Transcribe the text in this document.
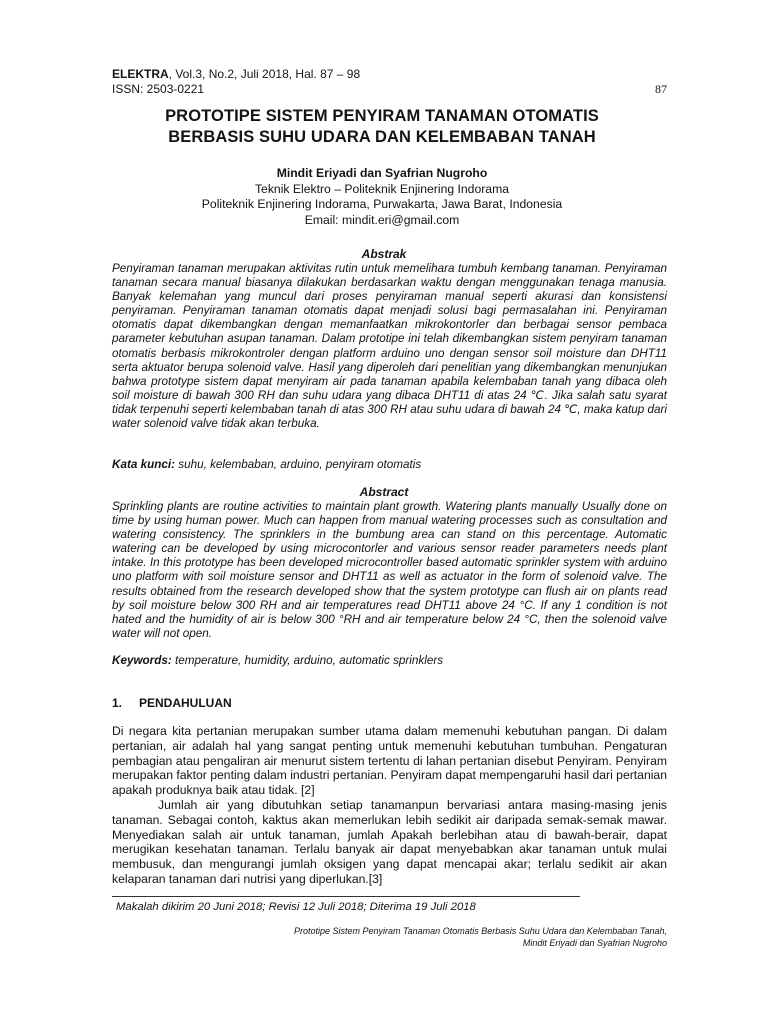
ELEKTRA, Vol.3, No.2, Juli 2018, Hal. 87 – 98
ISSN: 2503-0221	87
PROTOTIPE SISTEM PENYIRAM TANAMAN OTOMATIS
BERBASIS SUHU UDARA DAN KELEMBABAN TANAH
Mindit Eriyadi dan Syafrian Nugroho
Teknik Elektro – Politeknik Enjinering Indorama
Politeknik Enjinering Indorama, Purwakarta, Jawa Barat, Indonesia
Email: mindit.eri@gmail.com
Abstrak
Penyiraman tanaman merupakan aktivitas rutin untuk memelihara tumbuh kembang tanaman. Penyiraman tanaman secara manual biasanya dilakukan berdasarkan waktu dengan menggunakan tenaga manusia. Banyak kelemahan yang muncul dari proses penyiraman manual seperti akurasi dan konsistensi penyiraman. Penyiraman tanaman otomatis dapat menjadi solusi bagi permasalahan ini. Penyiraman otomatis dapat dikembangkan dengan memanfaatkan mikrokontorler dan berbagai sensor pembaca parameter kebutuhan asupan tanaman. Dalam prototipe ini telah dikembangkan sistem penyiram tanaman otomatis berbasis mikrokontroler dengan platform arduino uno dengan sensor soil moisture dan DHT11 serta aktuator berupa solenoid valve. Hasil yang diperoleh dari penelitian yang dikembangkan menunjukan bahwa prototype sistem dapat menyiram air pada tanaman apabila kelembaban tanah yang dibaca oleh soil moisture di bawah 300 RH dan suhu udara yang dibaca DHT11 di atas 24 ℃. Jika salah satu syarat tidak terpenuhi seperti kelembaban tanah di atas 300 RH atau suhu udara di bawah 24 ℃, maka katup dari water solenoid valve tidak akan terbuka.
Kata kunci: suhu, kelembaban, arduino, penyiram otomatis
Abstract
Sprinkling plants are routine activities to maintain plant growth. Watering plants manually Usually done on time by using human power. Much can happen from manual watering processes such as consultation and watering consistency. The sprinklers in the bumbung area can stand on this percentage. Automatic watering can be developed by using microcontorler and various sensor reader parameters needs plant intake. In this prototype has been developed microcontroller based automatic sprinkler system with arduino uno platform with soil moisture sensor and DHT11 as well as actuator in the form of solenoid valve. The results obtained from the research developed show that the system prototype can flush air on plants read by soil moisture below 300 RH and air temperatures read DHT11 above 24 °C. If any 1 condition is not hated and the humidity of air is below 300 °RH and air temperature below 24 °C, then the solenoid valve water will not open.
Keywords: temperature, humidity, arduino, automatic sprinklers
1. PENDAHULUAN

Di negara kita pertanian merupakan sumber utama dalam memenuhi kebutuhan pangan. Di dalam pertanian, air adalah hal yang sangat penting untuk memenuhi kebutuhan tumbuhan. Pengaturan pembagian atau pengaliran air menurut sistem tertentu di lahan pertanian disebut Penyiram. Penyiram merupakan faktor penting dalam industri pertanian. Penyiram dapat mempengaruhi hasil dari pertanian apakah produknya baik atau tidak. [2]

Jumlah air yang dibutuhkan setiap tanamanpun bervariasi antara masing-masing jenis tanaman. Sebagai contoh, kaktus akan memerlukan lebih sedikit air daripada semak-semak mawar. Menyediakan salah air untuk tanaman, jumlah Apakah berlebihan atau di bawah-berair, dapat merugikan kesehatan tanaman. Terlalu banyak air dapat menyebabkan akar tanaman untuk mulai membusuk, dan mengurangi jumlah oksigen yang dapat mencapai akar; terlalu sedikit air akan kelaparan tanaman dari nutrisi yang diperlukan.[3]

Makalah dikirim 20 Juni 2018; Revisi 12 Juli 2018; Diterima 19 Juli 2018
Prototipe Sistem Penyiram Tanaman Otomatis Berbasis Suhu Udara dan Kelembaban Tanah,
Mindit Eriyadi dan Syafrian Nugroho
